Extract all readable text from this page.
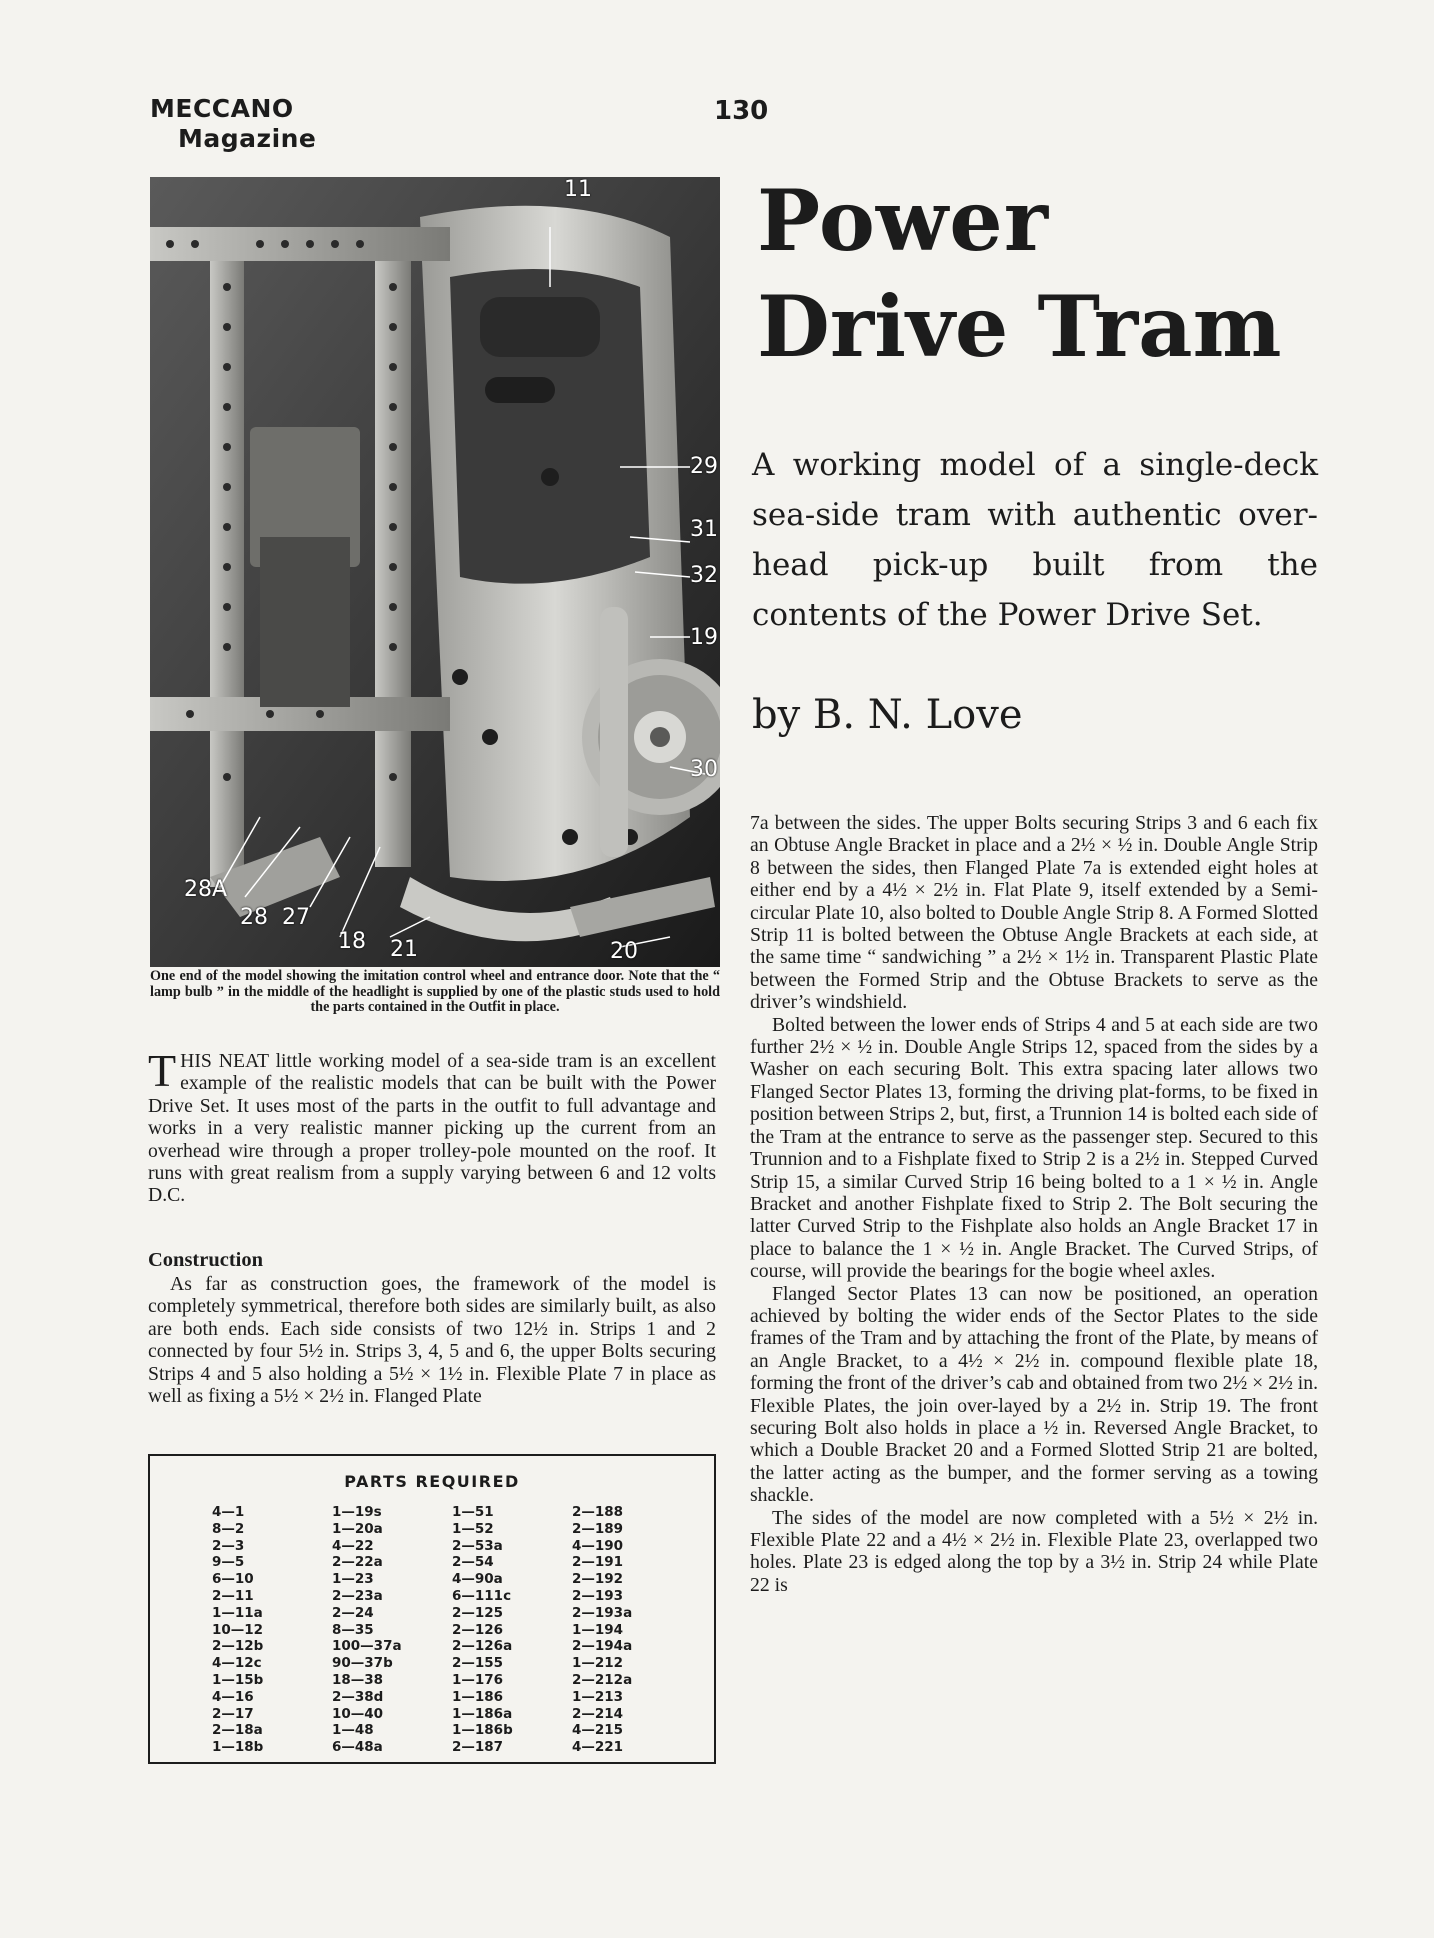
MECCANO
Magazine
130
11
29
31
32
19
30
28A
28 27
18 21	20
One end of the model showing the imitation control wheel and entrance door. Note that the “ lamp bulb ” in the middle of the headlight is supplied by one of the plastic studs used to hold the parts contained in the Outfit in place.
Power
Drive Tram
A working model of a single-deck sea-side tram with authentic over-head pick-up built from the contents of the Power Drive Set.
by B. N. Love

THIS NEAT little working model of a sea-side tram is an excellent example of the realistic models that can be built with the Power Drive Set. It uses most of the parts in the outfit to full advantage and works in a very realistic manner picking up the current from an overhead wire through a proper trolley-pole mounted on the roof. It runs with great realism from a supply varying between 6 and 12 volts D.C.

Construction

As far as construction goes, the framework of the model is completely symmetrical, therefore both sides are similarly built, as also are both ends. Each side consists of two 12½ in. Strips 1 and 2 connected by four 5½ in. Strips 3, 4, 5 and 6, the upper Bolts securing Strips 4 and 5 also holding a 5½ × 1½ in. Flexible Plate 7 in place as well as fixing a 5½ × 2½ in. Flanged Plate

PARTS REQUIRED
4—1	1—19s	1—51	2—188
8—2	1—20a	1—52	2—189
2—3	4—22	2—53a	4—190
9—5	2—22a	2—54	2—191
6—10	1—23	4—90a	2—192
2—11	2—23a	6—111c	2—193
1—11a	2—24	2—125	2—193a
10—12	8—35	2—126	1—194
2—12b	100—37a	2—126a	2—194a
4—12c	90—37b	2—155	1—212
1—15b	18—38	1—176	2—212a
4—16	2—38d	1—186	1—213
2—17	10—40	1—186a	2—214
2—18a	1—48	1—186b	4—215
1—18b	6—48a	2—187	4—221

7a between the sides. The upper Bolts securing Strips 3 and 6 each fix an Obtuse Angle Bracket in place and a 2½ × ½ in. Double Angle Strip 8 between the sides, then Flanged Plate 7a is extended eight holes at either end by a 4½ × 2½ in. Flat Plate 9, itself extended by a Semi-circular Plate 10, also bolted to Double Angle Strip 8. A Formed Slotted Strip 11 is bolted between the Obtuse Angle Brackets at each side, at the same time “ sandwiching ” a 2½ × 1½ in. Transparent Plastic Plate between the Formed Strip and the Obtuse Brackets to serve as the driver’s windshield.

Bolted between the lower ends of Strips 4 and 5 at each side are two further 2½ × ½ in. Double Angle Strips 12, spaced from the sides by a Washer on each securing Bolt. This extra spacing later allows two Flanged Sector Plates 13, forming the driving plat-forms, to be fixed in position between Strips 2, but, first, a Trunnion 14 is bolted each side of the Tram at the entrance to serve as the passenger step. Secured to this Trunnion and to a Fishplate fixed to Strip 2 is a 2½ in. Stepped Curved Strip 15, a similar Curved Strip 16 being bolted to a 1 × ½ in. Angle Bracket and another Fishplate fixed to Strip 2. The Bolt securing the latter Curved Strip to the Fishplate also holds an Angle Bracket 17 in place to balance the 1 × ½ in. Angle Bracket. The Curved Strips, of course, will provide the bearings for the bogie wheel axles.

Flanged Sector Plates 13 can now be positioned, an operation achieved by bolting the wider ends of the Sector Plates to the side frames of the Tram and by attaching the front of the Plate, by means of an Angle Bracket, to a 4½ × 2½ in. compound flexible plate 18, forming the front of the driver’s cab and obtained from two 2½ × 2½ in. Flexible Plates, the join over-layed by a 2½ in. Strip 19. The front securing Bolt also holds in place a ½ in. Reversed Angle Bracket, to which a Double Bracket 20 and a Formed Slotted Strip 21 are bolted, the latter acting as the bumper, and the former serving as a towing shackle.

The sides of the model are now completed with a 5½ × 2½ in. Flexible Plate 22 and a 4½ × 2½ in. Flexible Plate 23, overlapped two holes. Plate 23 is edged along the top by a 3½ in. Strip 24 while Plate 22 is
